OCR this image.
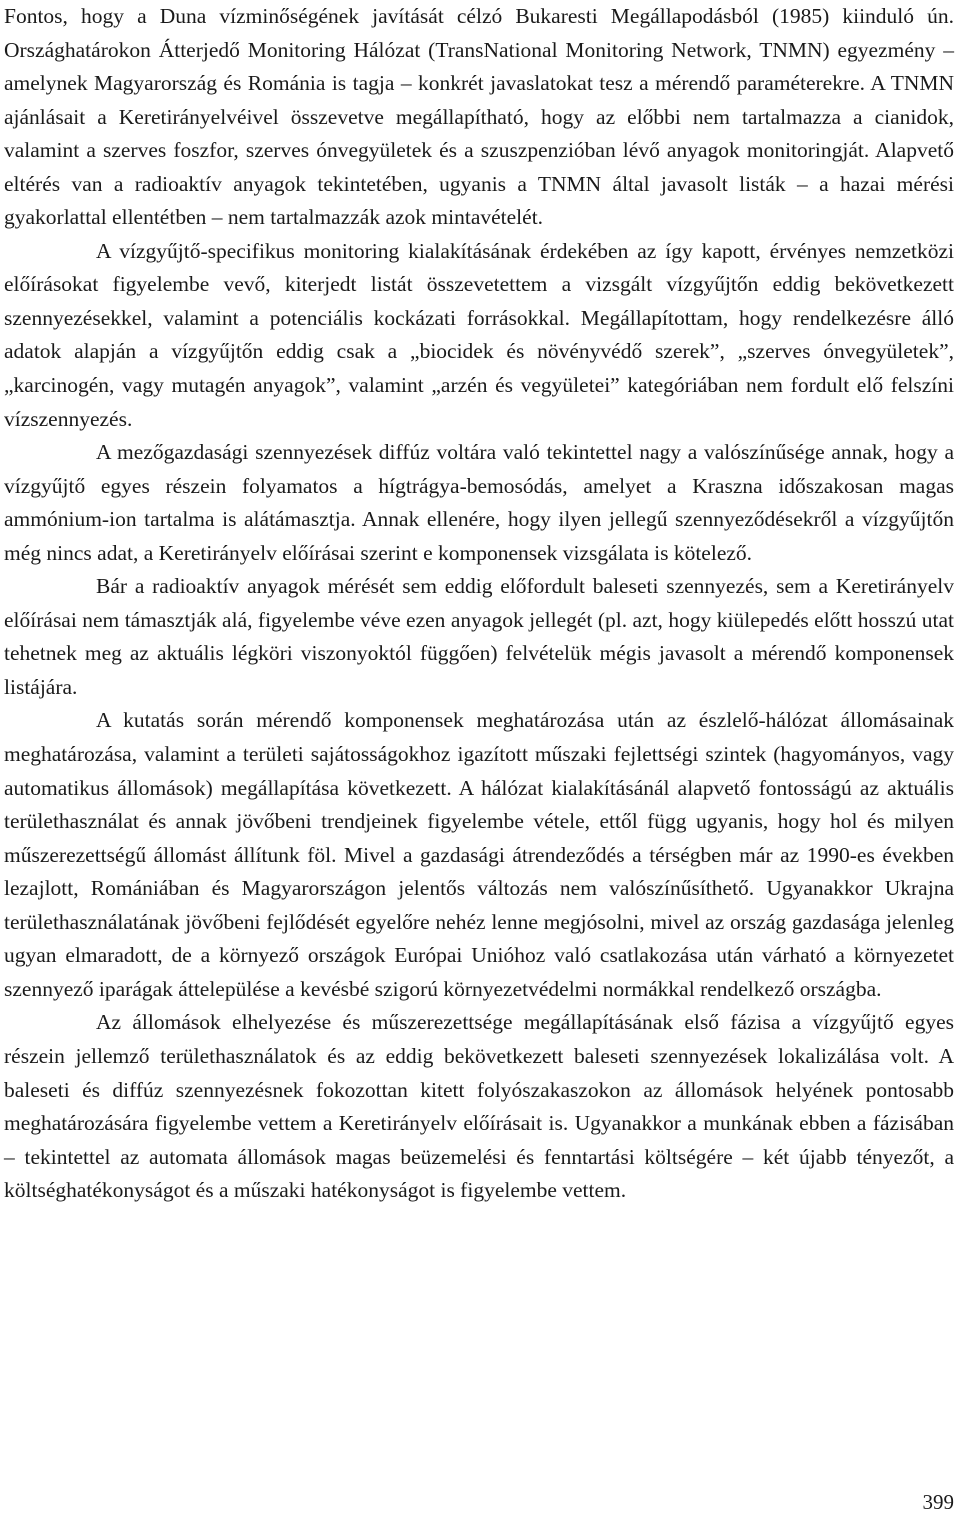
Fontos, hogy a Duna vízminőségének javítását célzó Bukaresti Megállapodásból (1985) kiinduló ún. Országhatárokon Átterjedő Monitoring Hálózat (TransNational Monitoring Network, TNMN) egyezmény – amelynek Magyarország és Románia is tagja – konkrét javaslatokat tesz a mérendő paraméterekre. A TNMN ajánlásait a Keretirányelvéivel összevetve megállapítható, hogy az előbbi nem tartalmazza a cianidok, valamint a szerves foszfor, szerves ónvegyületek és a szuszpenzióban lévő anyagok monitoringját. Alapvető eltérés van a radioaktív anyagok tekintetében, ugyanis a TNMN által javasolt listák – a hazai mérési gyakorlattal ellentétben – nem tartalmazzák azok mintavételét.

A vízgyűjtő-specifikus monitoring kialakításának érdekében az így kapott, érvényes nemzetközi előírásokat figyelembe vevő, kiterjedt listát összevetettem a vizsgált vízgyűjtőn eddig bekövetkezett szennyezésekkel, valamint a potenciális kockázati forrásokkal. Megállapítottam, hogy rendelkezésre álló adatok alapján a vízgyűjtőn eddig csak a „biocidek és növényvédő szerek”, „szerves ónvegyületek”, „karcinogén, vagy mutagén anyagok”, valamint „arzén és vegyületei” kategóriában nem fordult elő felszíni vízszennyezés.

A mezőgazdasági szennyezések diffúz voltára való tekintettel nagy a valószínűsége annak, hogy a vízgyűjtő egyes részein folyamatos a hígtrágya-bemosódás, amelyet a Kraszna időszakosan magas ammónium-ion tartalma is alátámasztja. Annak ellenére, hogy ilyen jellegű szennyeződésekről a vízgyűjtőn még nincs adat, a Keretirányelv előírásai szerint e komponensek vizsgálata is kötelező.

Bár a radioaktív anyagok mérését sem eddig előfordult baleseti szennyezés, sem a Keretirányelv előírásai nem támasztják alá, figyelembe véve ezen anyagok jellegét (pl. azt, hogy kiülepedés előtt hosszú utat tehetnek meg az aktuális légköri viszonyoktól függően) felvételük mégis javasolt a mérendő komponensek listájára.

A kutatás során mérendő komponensek meghatározása után az észlelő-hálózat állomásainak meghatározása, valamint a területi sajátosságokhoz igazított műszaki fejlettségi szintek (hagyományos, vagy automatikus állomások) megállapítása következett. A hálózat kialakításánál alapvető fontosságú az aktuális területhasználat és annak jövőbeni trendjeinek figyelembe vétele, ettől függ ugyanis, hogy hol és milyen műszerezettségű állomást állítunk föl. Mivel a gazdasági átrendeződés a térségben már az 1990-es években lezajlott, Romániában és Magyarországon jelentős változás nem valószínűsíthető. Ugyanakkor Ukrajna területhasználatának jövőbeni fejlődését egyelőre nehéz lenne megjósolni, mivel az ország gazdasága jelenleg ugyan elmaradott, de a környező országok Európai Unióhoz való csatlakozása után várható a környezetet szennyező iparágak áttelepülése a kevésbé szigorú környezetvédelmi normákkal rendelkező országba.

Az állomások elhelyezése és műszerezettsége megállapításának első fázisa a vízgyűjtő egyes részein jellemző területhasználatok és az eddig bekövetkezett baleseti szennyezések lokalizálása volt. A baleseti és diffúz szennyezésnek fokozottan kitett folyószakaszokon az állomások helyének pontosabb meghatározására figyelembe vettem a Keretirányelv előírásait is. Ugyanakkor a munkának ebben a fázisában – tekintettel az automata állomások magas beüzemelési és fenntartási költségére – két újabb tényezőt, a költséghatékonyságot és a műszaki hatékonyságot is figyelembe vettem.

399
